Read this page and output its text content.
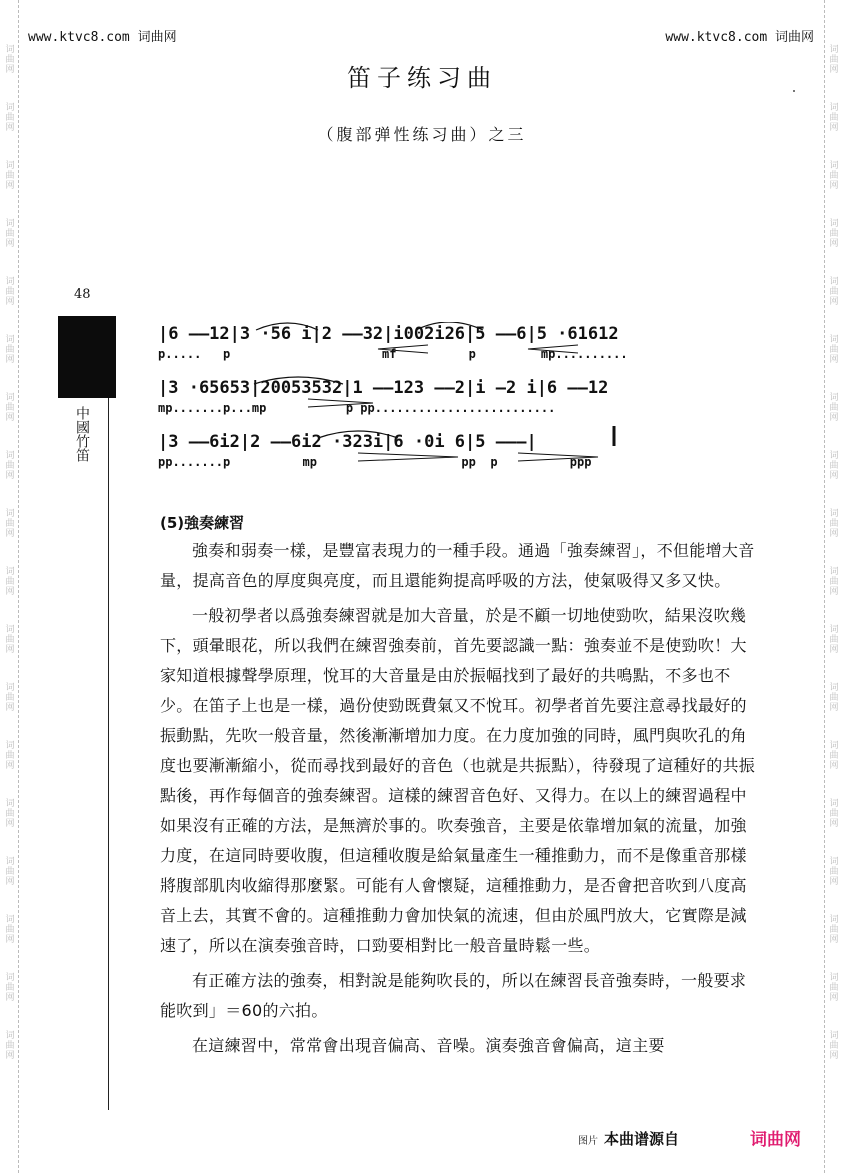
词
曲
网
词
曲
网
词
曲
网
词
曲
网
词
曲
网
词
曲
网
词
曲
网
词
曲
网
词
曲
网
词
曲
网
词
曲
网
词
曲
网
词
曲
网
词
曲
网
词
曲
网
词
曲
网
词
曲
网
词
曲
网
词
曲
网
词
曲
网
词
曲
网
词
曲
网
词
曲
网
词
曲
网
词
曲
网
词
曲
网
词
曲
网
词
曲
网
词
曲
网
词
曲
网
词
曲
网
词
曲
网
词
曲
网
词
曲
网
词
曲
网
词
曲
网
www.ktvc8.com 词曲网	www.ktvc8.com 词曲网
笛子练习曲
（腹部弹性练习曲）之三
48
中國竹笛
|6 ——12|3 ·56 i|2 ——32|i002i26|5 ——6|5 ·61612
p.....   p                     mf          p         mp..........
|3 ·65653|20053532|1 ——123 ——2|i —2 i|6 ——12
mp.......p...mp           p pp.........................
|3 ——6i2|2 ——6i2 ·323i|6 ·0i 6|5 ———|
pp.......p          mp                    pp  p          ppp
(5)強奏練習

強奏和弱奏一樣，是豐富表現力的一種手段。通過「強奏練習」，不但能增大音量，提高音色的厚度與亮度，而且還能夠提高呼吸的方法，使氣吸得又多又快。

一般初學者以爲強奏練習就是加大音量，於是不顧一切地使勁吹，結果沒吹幾下，頭暈眼花，所以我們在練習強奏前，首先要認識一點：強奏並不是使勁吹！大家知道根據聲學原理，悅耳的大音量是由於振幅找到了最好的共鳴點，不多也不少。在笛子上也是一樣，過份使勁既費氣又不悅耳。初學者首先要注意尋找最好的振動點，先吹一般音量，然後漸漸增加力度。在力度加強的同時，風門與吹孔的角度也要漸漸縮小，從而尋找到最好的音色（也就是共振點），待發現了這種好的共振點後，再作每個音的強奏練習。這樣的練習音色好、又得力。在以上的練習過程中如果沒有正確的方法，是無濟於事的。吹奏強音，主要是依靠增加氣的流量，加強力度，在這同時要收腹，但這種收腹是給氣量產生一種推動力，而不是像重音那樣將腹部肌肉收縮得那麼緊。可能有人會懷疑，這種推動力，是否會把音吹到八度高音上去，其實不會的。這種推動力會加快氣的流速，但由於風門放大，它實際是減速了，所以在演奏強音時，口勁要相對比一般音量時鬆一些。

有正確方法的強奏，相對說是能夠吹長的，所以在練習長音強奏時，一般要求能吹到」＝60的六拍。

在這練習中，常常會出現音偏高、音噪。演奏強音會偏高，這主要

图片 本曲谱源自	词曲网
